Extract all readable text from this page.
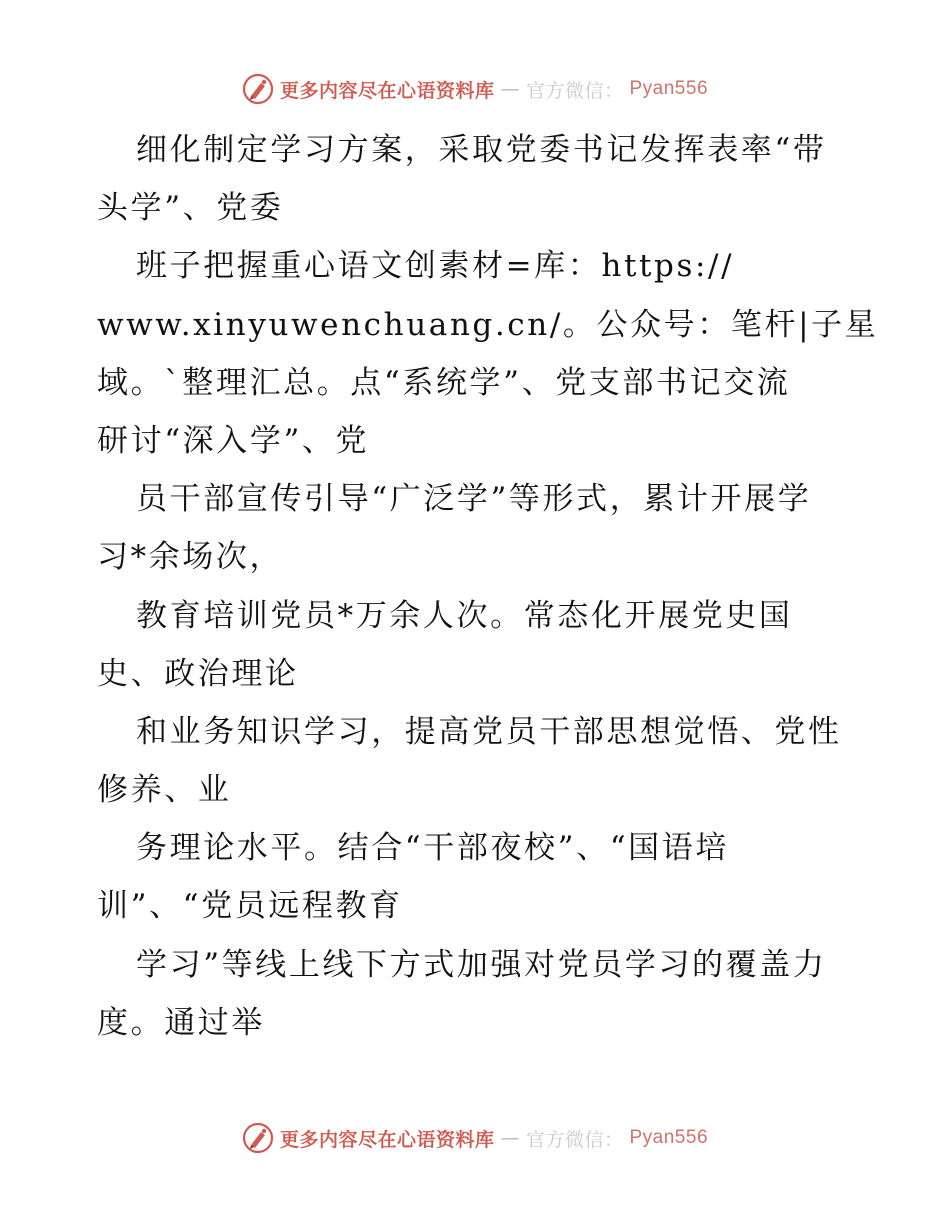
更多内容尽在心语资料库 — 官方微信： Pyan556
细化制定学习方案，采取党委书记发挥表率“带
头学”、党委
班子把握重心语文创素材=库：https://
www.xinyuwenchuang.cn/。公众号：笔杆|子星
域。`整理汇总。点“系统学”、党支部书记交流
研讨“深入学”、党
员干部宣传引导“广泛学”等形式，累计开展学
习*余场次，
教育培训党员*万余人次。常态化开展党史国
史、政治理论
和业务知识学习，提高党员干部思想觉悟、党性
修养、业
务理论水平。结合“干部夜校”、“国语培
训”、“党员远程教育
学习”等线上线下方式加强对党员学习的覆盖力
度。通过举
更多内容尽在心语资料库 — 官方微信： Pyan556
